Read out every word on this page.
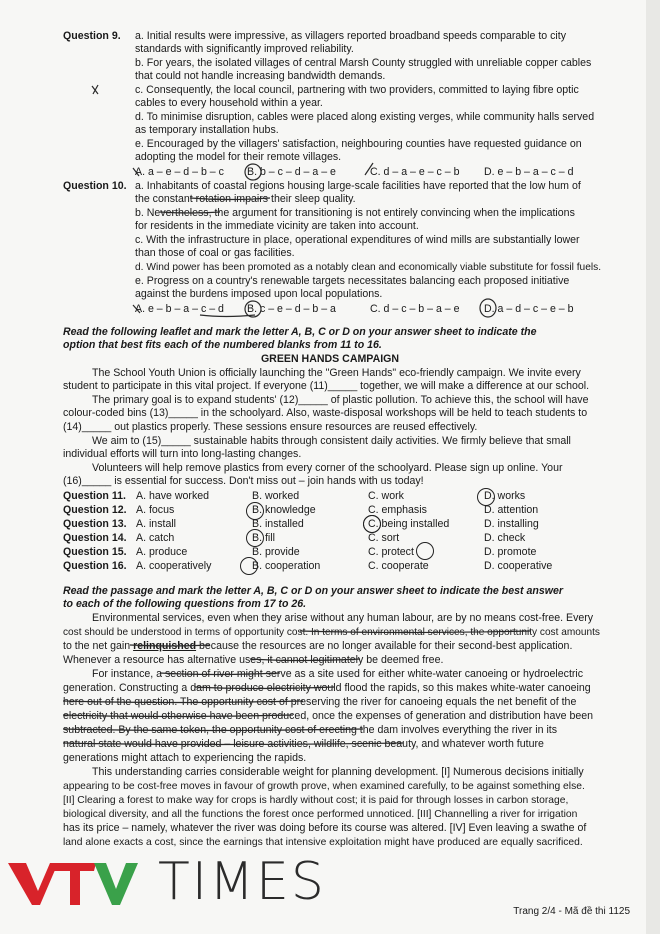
Question 9. a. Initial results were impressive, as villagers reported broadband speeds comparable to city
standards with significantly improved reliability.
b. For years, the isolated villages of central Marsh County struggled with unreliable copper cables
that could not handle increasing bandwidth demands.
c. Consequently, the local council, partnering with two providers, committed to laying fibre optic
cables to every household within a year.
d. To minimise disruption, cables were placed along existing verges, while community halls served
as temporary installation hubs.
e. Encouraged by the villagers' satisfaction, neighbouring counties have requested guidance on
adopting the model for their remote villages.
A. a – e – d – b – c B. b – c – d – a – e	C. d – a – e – c – b D. e – b – a – c – d
Question 10. a. Inhabitants of coastal regions housing large-scale facilities have reported that the low hum of
the constant rotation impairs their sleep quality.
b. Nevertheless, the argument for transitioning is not entirely convincing when the implications
for residents in the immediate vicinity are taken into account.
c. With the infrastructure in place, operational expenditures of wind mills are substantially lower
than those of coal or gas facilities.
d. Wind power has been promoted as a notably clean and economically viable substitute for fossil fuels.
e. Progress on a country's renewable targets necessitates balancing each proposed initiative
against the burdens imposed upon local populations.
A. e – b – a – c – d B. c – e – d – b – a	C. d – c – b – a – e D. a – d – c – e – b
Read the following leaflet and mark the letter A, B, C or D on your answer sheet to indicate the
option that best fits each of the numbered blanks from 11 to 16.
GREEN HANDS CAMPAIGN
The School Youth Union is officially launching the "Green Hands" eco-friendly campaign. We invite every
student to participate in this vital project. If everyone (11)_____ together, we will make a difference at our school.
The primary goal is to expand students' (12)_____ of plastic pollution. To achieve this, the school will have
colour-coded bins (13)_____ in the schoolyard. Also, waste-disposal workshops will be held to teach students to
(14)_____ out plastics properly. These sessions ensure resources are reused effectively.
We aim to (15)_____ sustainable habits through consistent daily activities. We firmly believe that small
individual efforts will turn into long-lasting changes.
Volunteers will help remove plastics from every corner of the schoolyard. Please sign up online. Your
(16)_____ is essential for success. Don't miss out – join hands with us today!
Question 11. A. have worked	B. worked	C. work	D. works
Question 12. A. focus	B. knowledge	C. emphasis	D. attention
Question 13. A. install	B. installed	C. being installed	D. installing
Question 14. A. catch	B. fill	C. sort	D. check
Question 15. A. produce	B. provide	C. protect	D. promote
Question 16. A. cooperatively	B. cooperation	C. cooperate	D. cooperative
Read the passage and mark the letter A, B, C or D on your answer sheet to indicate the best answer
to each of the following questions from 17 to 26.
Environmental services, even when they arise without any human labour, are by no means cost-free. Every
cost should be understood in terms of opportunity cost. In terms of environmental services, the opportunity cost amounts
to the net gain relinquished because the resources are no longer available for their second-best application.
Whenever a resource has alternative uses, it cannot legitimately be deemed free.
For instance, a section of river might serve as a site used for either white-water canoeing or hydroelectric
generation. Constructing a dam to produce electricity would flood the rapids, so this makes white-water canoeing
here out of the question. The opportunity cost of preserving the river for canoeing equals the net benefit of the
electricity that would otherwise have been produced, once the expenses of generation and distribution have been
subtracted. By the same token, the opportunity cost of erecting the dam involves everything the river in its
natural state would have provided – leisure activities, wildlife, scenic beauty, and whatever worth future
generations might attach to experiencing the rapids.
This understanding carries considerable weight for planning development. [I] Numerous decisions initially
appearing to be cost-free moves in favour of growth prove, when examined carefully, to be against something else.
[II] Clearing a forest to make way for crops is hardly without cost; it is paid for through losses in carbon storage,
biological diversity, and all the functions the forest once performed unnoticed. [III] Channelling a river for irrigation
has its price – namely, whatever the river was doing before its course was altered. [IV] Even leaving a swathe of
land alone exacts a cost, since the earnings that intensive exploitation might have produced are equally sacrificed.
TIMES	Trang 2/4 - Mã đề thi 1125
